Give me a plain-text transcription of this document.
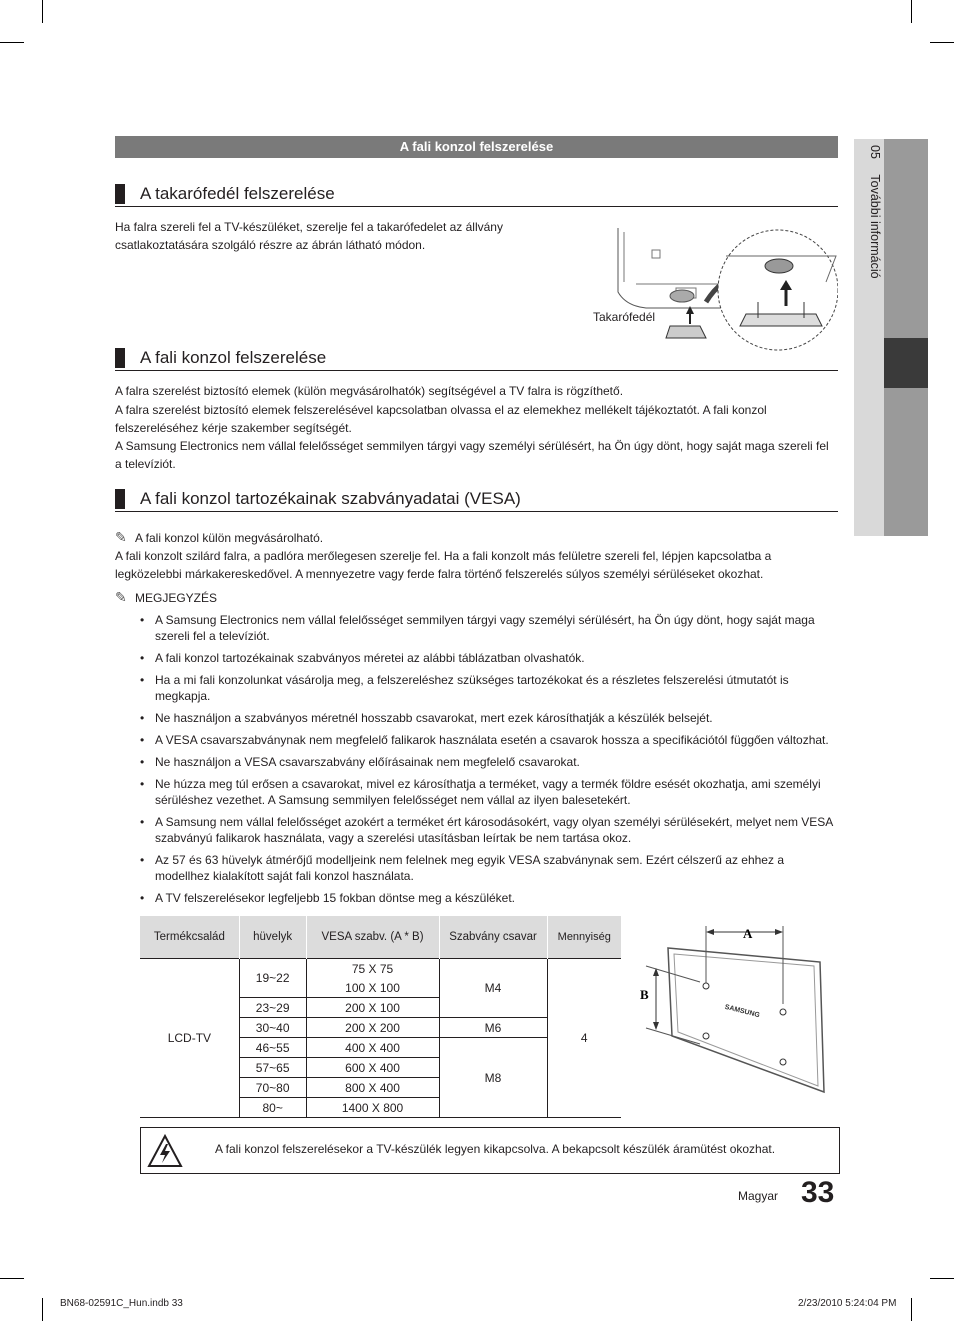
05 További információ
A fali konzol felszerelése
A takarófedél felszerelése

Ha falra szereli fel a TV-készüléket, szerelje fel a takarófedelet az állvány csatlakoztatására szolgáló részre az ábrán látható módon.

Takarófedél
A fali konzol felszerelése

A falra szerelést biztosító elemek (külön megvásárolhatók) segítségével a TV falra is rögzíthető.

A falra szerelést biztosító elemek felszerelésével kapcsolatban olvassa el az elemekhez mellékelt tájékoztatót. A fali konzol felszereléséhez kérje szakember segítségét.

A Samsung Electronics nem vállal felelősséget semmilyen tárgyi vagy személyi sérülésért, ha Ön úgy dönt, hogy saját maga szereli fel a televíziót.

A fali konzol tartozékainak szabványadatai (VESA)
✎ A fali konzol külön megvásárolható.

A fali konzolt szilárd falra, a padlóra merőlegesen szerelje fel. Ha a fali konzolt más felületre szereli fel, lépjen kapcsolatba a legközelebbi márkakereskedővel. A mennyezetre vagy ferde falra történő felszerelés súlyos személyi sérüléseket okozhat.

✎ MEGJEGYZÉS
• A Samsung Electronics nem vállal felelősséget semmilyen tárgyi vagy személyi sérülésért, ha Ön úgy dönt, hogy saját maga szereli fel a televíziót.
• A fali konzol tartozékainak szabványos méretei az alábbi táblázatban olvashatók.
• Ha a mi fali konzolunkat vásárolja meg, a felszereléshez szükséges tartozékokat és a részletes felszerelési útmutatót is megkapja.
• Ne használjon a szabványos méretnél hosszabb csavarokat, mert ezek károsíthatják a készülék belsejét.
• A VESA csavarszabványnak nem megfelelő falikarok használata esetén a csavarok hossza a specifikációtól függően változhat.
• Ne használjon a VESA csavarszabvány előírásainak nem megfelelő csavarokat.
• Ne húzza meg túl erősen a csavarokat, mivel ez károsíthatja a terméket, vagy a termék földre esését okozhatja, ami személyi sérüléshez vezethet. A Samsung semmilyen felelősséget nem vállal az ilyen balesetekért.
• A Samsung nem vállal felelősséget azokért a terméket ért károsodásokért, vagy olyan személyi sérülésekért, melyet nem VESA szabványú falikarok használata, vagy a szerelési utasításban leírtak be nem tartása okoz.
• Az 57 és 63 hüvelyk átmérőjű modelljeink nem felelnek meg egyik VESA szabványnak sem. Ezért célszerű az ehhez a modellhez kialakított saját fali konzol használata.
• A TV felszerelésekor legfeljebb 15 fokban döntse meg a készüléket.
Termékcsalád	hüvelyk	VESA szabv. (A * B)	Szabvány csavar	Mennyiség
LCD-TV	19~22	75 X 75	M4	4
		100 X 100		
	23~29	200 X 100		
	30~40	200 X 200	M6	
	46~55	400 X 400	M8	
	57~65	600 X 400		
	70~80	800 X 400		
	80~	1400 X 800		
A
B
SAMSUNG
A fali konzol felszerelésekor a TV-készülék legyen kikapcsolva. A bekapcsolt készülék áramütést okozhat.
Magyar 33
BN68-02591C_Hun.indb 33	2/23/2010 5:24:04 PM
